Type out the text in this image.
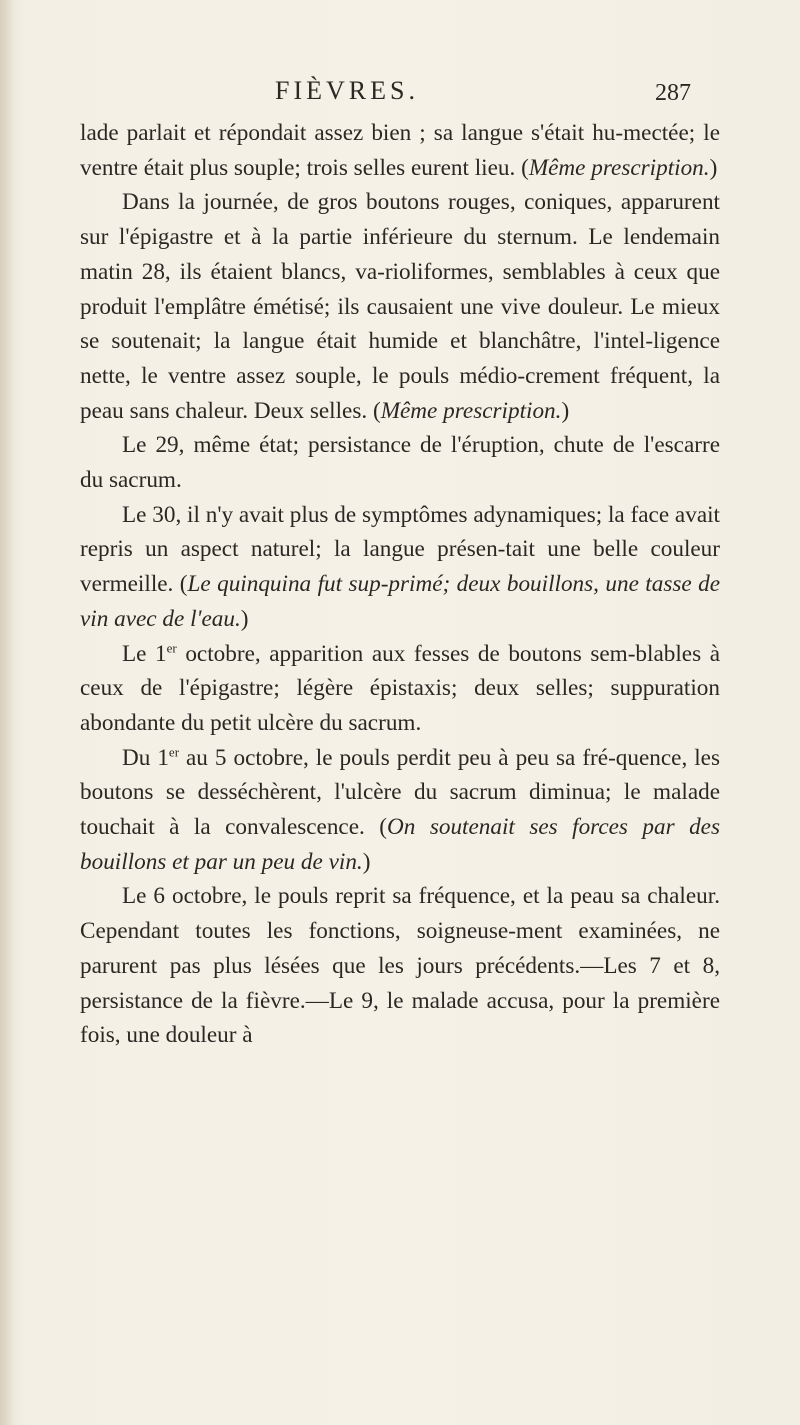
FIÈVRES.	287

lade parlait et répondait assez bien ; sa langue s'était hu-mectée; le ventre était plus souple; trois selles eurent lieu. (Même prescription.)

Dans la journée, de gros boutons rouges, coniques, apparurent sur l'épigastre et à la partie inférieure du sternum. Le lendemain matin 28, ils étaient blancs, va-rioliformes, semblables à ceux que produit l'emplâtre émétisé; ils causaient une vive douleur. Le mieux se soutenait; la langue était humide et blanchâtre, l'intel-ligence nette, le ventre assez souple, le pouls médio-crement fréquent, la peau sans chaleur. Deux selles. (Même prescription.)

Le 29, même état; persistance de l'éruption, chute de l'escarre du sacrum.

Le 30, il n'y avait plus de symptômes adynamiques; la face avait repris un aspect naturel; la langue présen-tait une belle couleur vermeille. (Le quinquina fut sup-primé; deux bouillons, une tasse de vin avec de l'eau.)

Le 1er octobre, apparition aux fesses de boutons sem-blables à ceux de l'épigastre; légère épistaxis; deux selles; suppuration abondante du petit ulcère du sacrum.

Du 1er au 5 octobre, le pouls perdit peu à peu sa fré-quence, les boutons se desséchèrent, l'ulcère du sacrum diminua; le malade touchait à la convalescence. (On soutenait ses forces par des bouillons et par un peu de vin.)

Le 6 octobre, le pouls reprit sa fréquence, et la peau sa chaleur. Cependant toutes les fonctions, soigneuse-ment examinées, ne parurent pas plus lésées que les jours précédents.—Les 7 et 8, persistance de la fièvre.—Le 9, le malade accusa, pour la première fois, une douleur à
